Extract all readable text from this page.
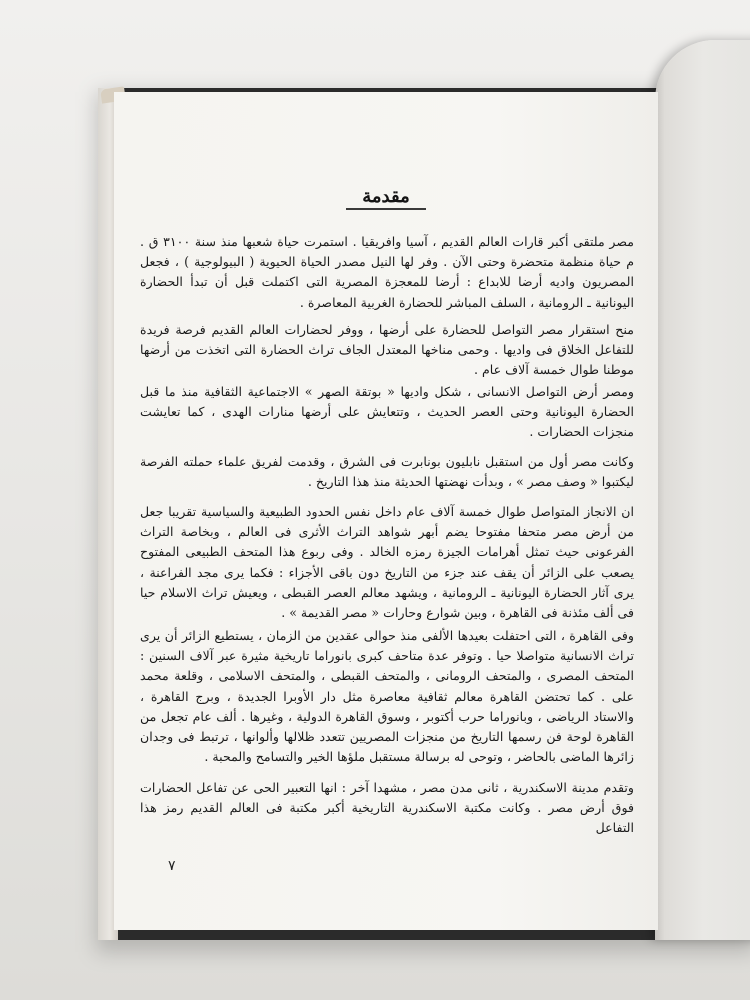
مقدمة

مصر ملتقى أكبر قارات العالم القديم ، آسيا وافريقيا . استمرت حياة شعبها منذ سنة ٣١٠٠ ق . م حياة منظمة متحضرة وحتى الآن . وفر لها النيل مصدر الحياة الحيوية ( البيولوجية ) ، فجعل المصريون واديه أرضا للابداع : أرضا للمعجزة المصرية التى اكتملت قبل أن تبدأ الحضارة اليونانية ـ الرومانية ، السلف المباشر للحضارة الغربية المعاصرة .

منح استقرار مصر التواصل للحضارة على أرضها ، ووفر لحضارات العالم القديم فرصة فريدة للتفاعل الخلاق فى واديها . وحمى مناخها المعتدل الجاف تراث الحضارة التى اتخذت من أرضها موطنا طوال خمسة آلاف عام .

ومصر أرض التواصل الانسانى ، شكل واديها « بوتقة الصهر » الاجتماعية الثقافية منذ ما قبل الحضارة اليونانية وحتى العصر الحديث ، وتتعايش على أرضها منارات الهدى ، كما تعايشت منجزات الحضارات .

وكانت مصر أول من استقبل نابليون بونابرت فى الشرق ، وقدمت لفريق علماء حملته الفرصة ليكتبوا « وصف مصر » ، وبدأت نهضتها الحديثة منذ هذا التاريخ .

ان الانجاز المتواصل طوال خمسة آلاف عام داخل نفس الحدود الطبيعية والسياسية تقريبا جعل من أرض مصر متحفا مفتوحا يضم أبهر شواهد التراث الأثرى فى العالم ، وبخاصة التراث الفرعونى حيث تمثل أهرامات الجيزة رمزه الخالد . وفى ربوع هذا المتحف الطبيعى المفتوح يصعب على الزائر أن يقف عند جزء من التاريخ دون باقى الأجزاء : فكما يرى مجد الفراعنة ، يرى آثار الحضارة اليونانية ـ الرومانية ، ويشهد معالم العصر القبطى ، ويعيش تراث الاسلام حيا فى ألف مئذنة فى القاهرة ، وبين شوارع وحارات « مصر القديمة » .

وفى القاهرة ، التى احتفلت بعيدها الألفى منذ حوالى عقدين من الزمان ، يستطيع الزائر أن يرى تراث الانسانية متواصلا حيا . وتوفر عدة متاحف كبرى بانوراما تاريخية مثيرة عبر آلاف السنين : المتحف المصرى ، والمتحف الرومانى ، والمتحف القبطى ، والمتحف الاسلامى ، وقلعة محمد على . كما تحتضن القاهرة معالم ثقافية معاصرة مثل دار الأوبرا الجديدة ، وبرج القاهرة ، والاستاد الرياضى ، وبانوراما حرب أكتوبر ، وسوق القاهرة الدولية ، وغيرها . ألف عام تجعل من القاهرة لوحة فن رسمها التاريخ من منجزات المصريين تتعدد ظلالها وألوانها ، ترتبط فى وجدان زائرها الماضى بالحاضر ، وتوحى له برسالة مستقبل ملؤها الخير والتسامح والمحبة .

وتقدم مدينة الاسكندرية ، ثانى مدن مصر ، مشهدا آخر : انها التعبير الحى عن تفاعل الحضارات فوق أرض مصر . وكانت مكتبة الاسكندرية التاريخية أكبر مكتبة فى العالم القديم رمز هذا التفاعل

٧
